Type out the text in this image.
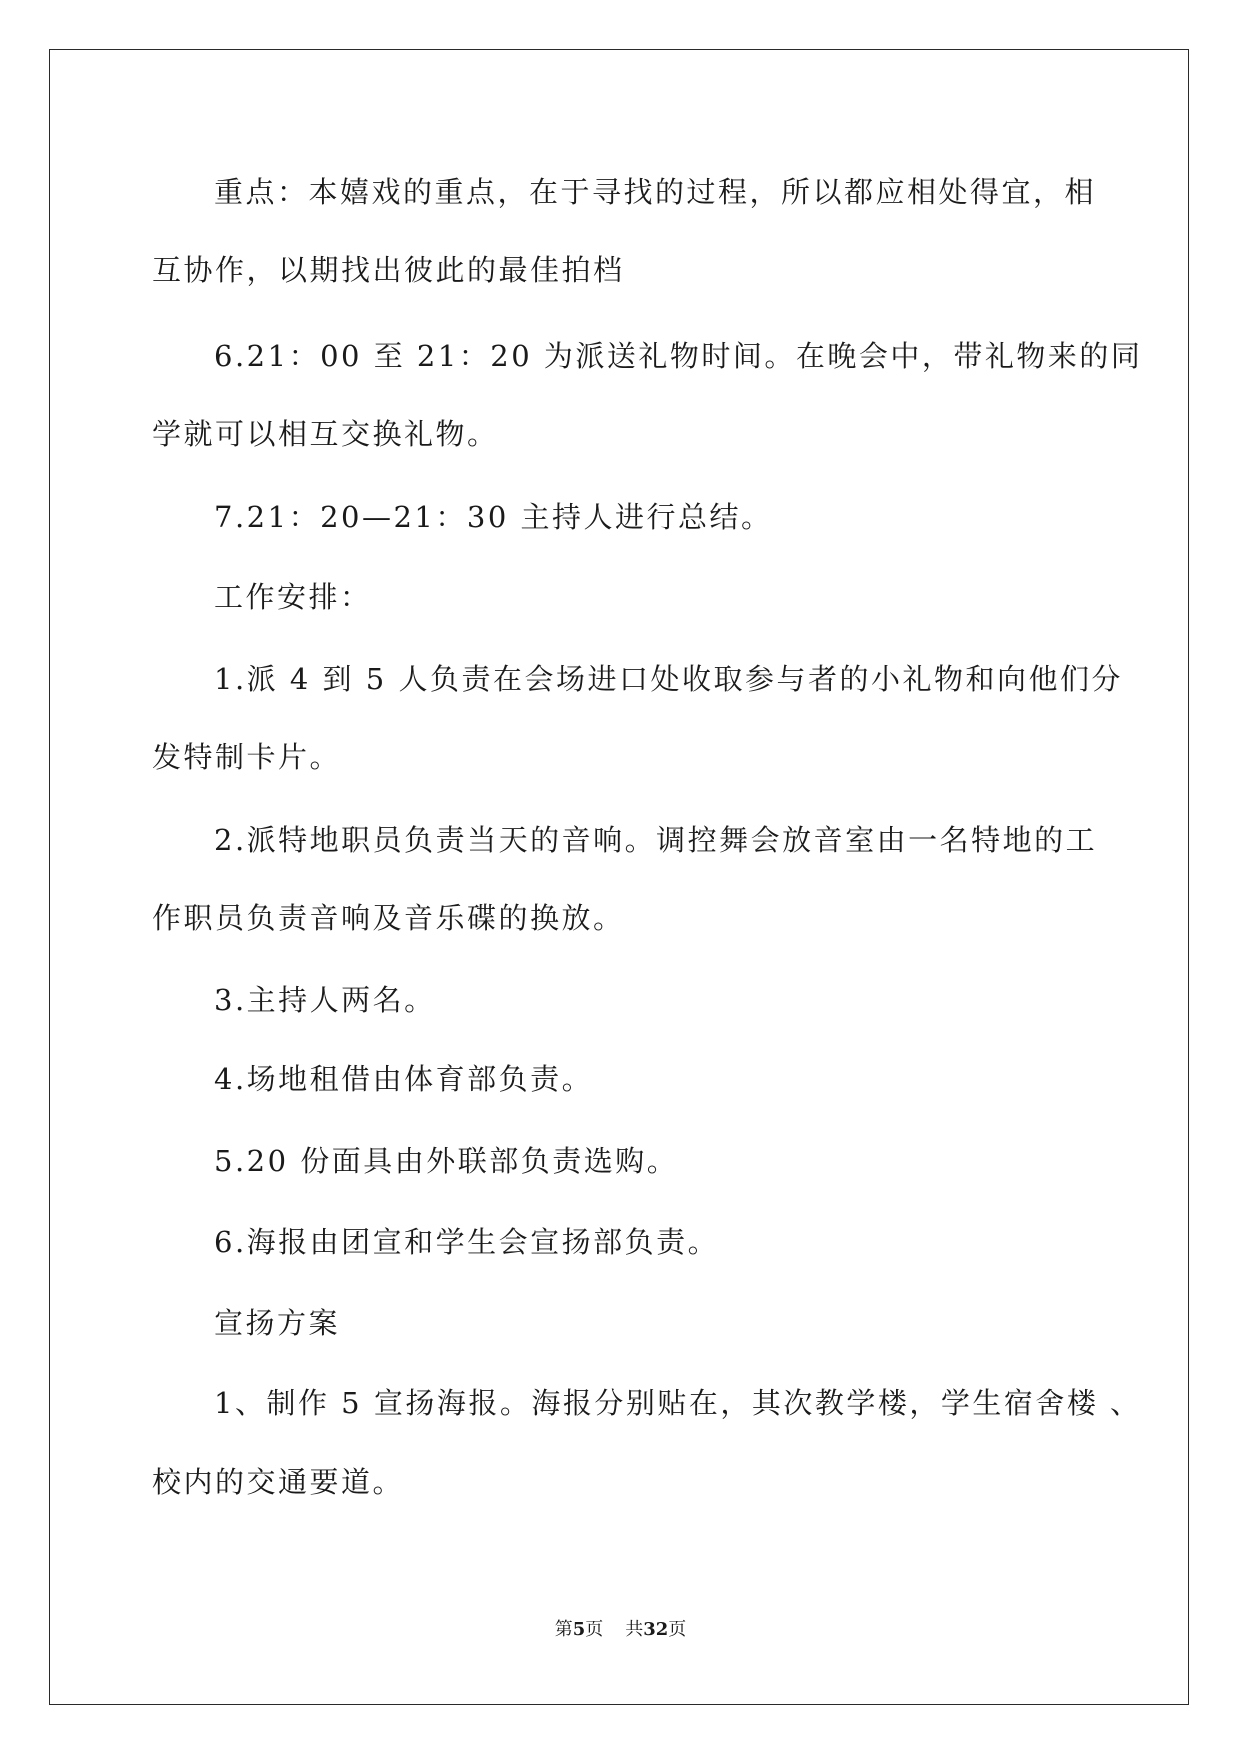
重点：本嬉戏的重点，在于寻找的过程，所以都应相处得宜，相
互协作，以期找出彼此的最佳拍档
6.21：00 至 21：20 为派送礼物时间。在晚会中，带礼物来的同
学就可以相互交换礼物。
7.21：20—21：30 主持人进行总结。
工作安排：
1.派 4 到 5 人负责在会场进口处收取参与者的小礼物和向他们分
发特制卡片。
2.派特地职员负责当天的音响。调控舞会放音室由一名特地的工
作职员负责音响及音乐碟的换放。
3.主持人两名。
4.场地租借由体育部负责。
5.20 份面具由外联部负责选购。
6.海报由团宣和学生会宣扬部负责。
宣扬方案
1、制作 5 宣扬海报。海报分别贴在，其次教学楼，学生宿舍楼 、
校内的交通要道。
第5页 共32页
